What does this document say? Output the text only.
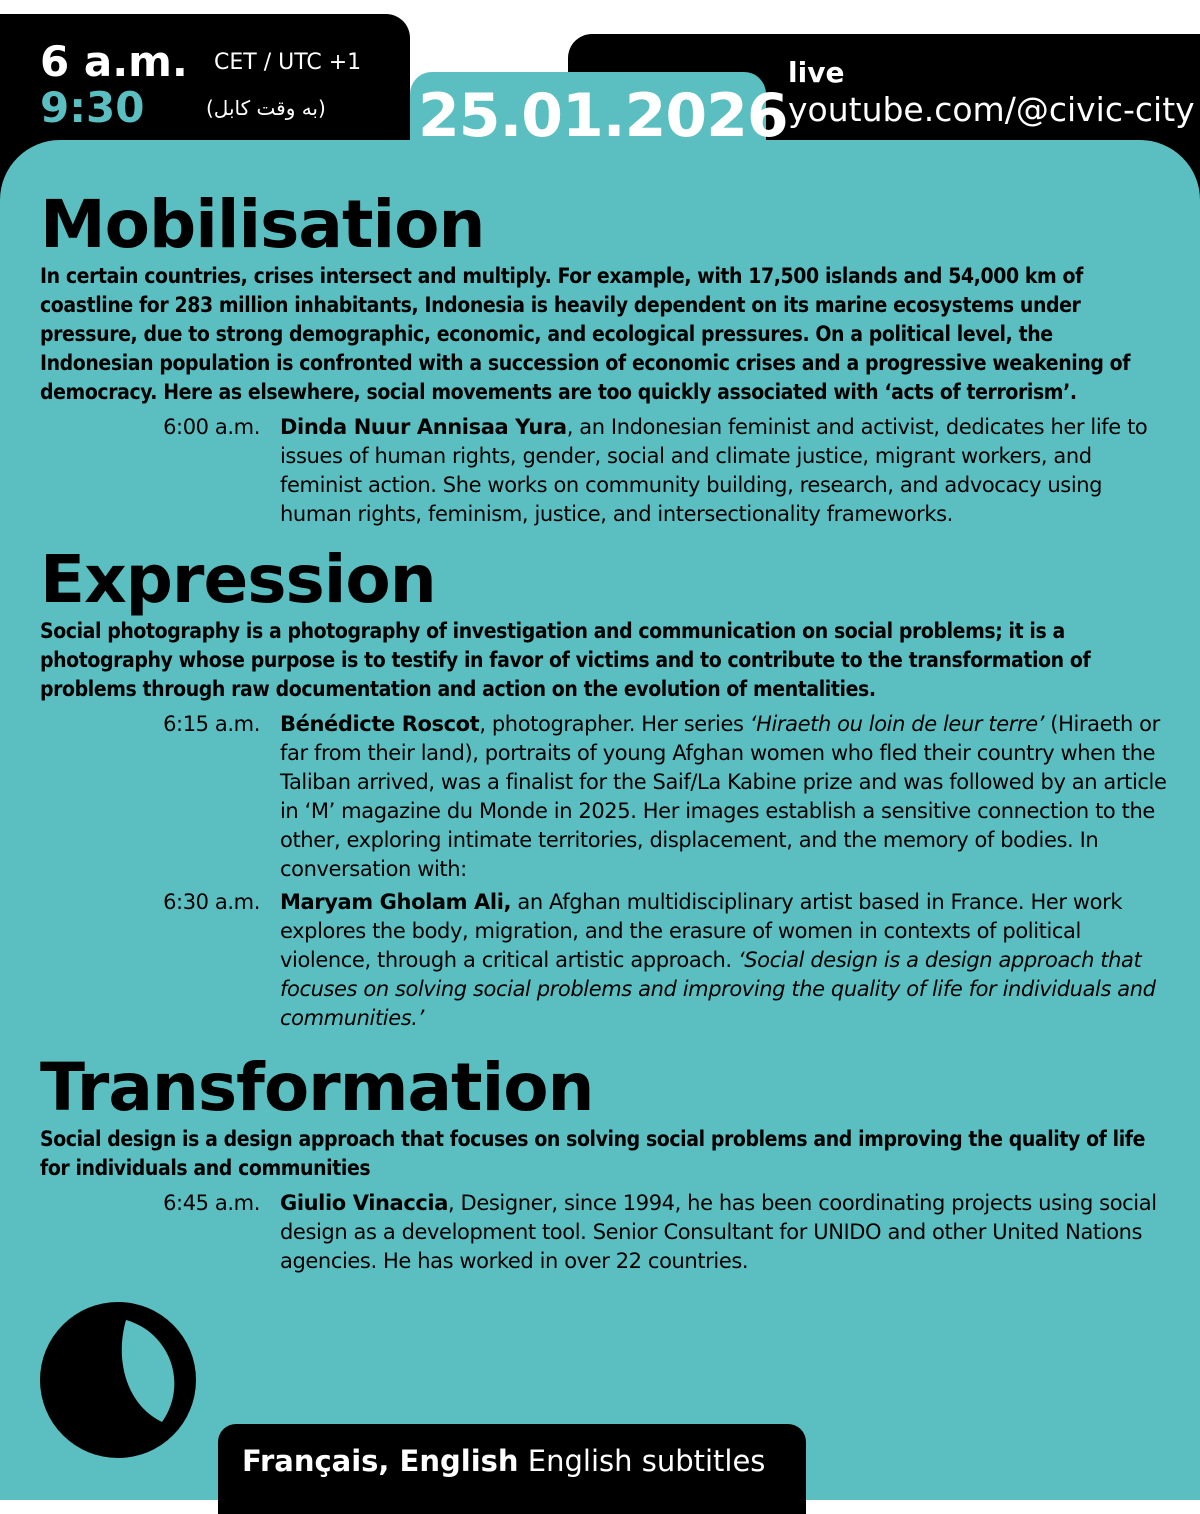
6 a.m. CET / UTC +1
9:30	(به وقت کابل) 25.01.2026
live
youtube.com/@civic-city
Mobilisation

In certain countries, crises intersect and multiply. For example, with 17,500 islands and 54,000 km of coastline for 283 million inhabitants, Indonesia is heavily dependent on its marine ecosystems under pressure, due to strong demographic, economic, and ecological pressures. On a political level, the Indonesian population is confronted with a succession of economic crises and a progressive weakening of democracy. Here as elsewhere, social movements are too quickly associated with ‘acts of terrorism’.

6:00 a.m. Dinda Nuur Annisaa Yura, an Indonesian feminist and activist, dedicates her life to issues of human rights, gender, social and climate justice, migrant workers, and feminist action. She works on community building, research, and advocacy using human rights, feminism, justice, and intersectionality frameworks.
Expression

Social photography is a photography of investigation and communication on social problems; it is a photography whose purpose is to testify in favor of victims and to contribute to the transformation of problems through raw documentation and action on the evolution of mentalities.

6:15 a.m. Bénédicte Roscot, photographer. Her series ‘Hiraeth ou loin de leur terre’ (Hiraeth or far from their land), portraits of young Afghan women who fled their country when the Taliban arrived, was a finalist for the Saif/La Kabine prize and was followed by an article in ‘M’ magazine du Monde in 2025. Her images establish a sensitive connection to the other, exploring intimate territories, displacement, and the memory of bodies. In conversation with:
6:30 a.m. Maryam Gholam Ali, an Afghan multidisciplinary artist based in France. Her work explores the body, migration, and the erasure of women in contexts of political violence, through a critical artistic approach. ‘Social design is a design approach that focuses on solving social problems and improving the quality of life for individuals and communities.’
Transformation

Social design is a design approach that focuses on solving social problems and improving the quality of life for individuals and communities

6:45 a.m. Giulio Vinaccia, Designer, since 1994, he has been coordinating projects using social design as a development tool. Senior Consultant for UNIDO and other United Nations agencies. He has worked in over 22 countries.
Français, English English subtitles
